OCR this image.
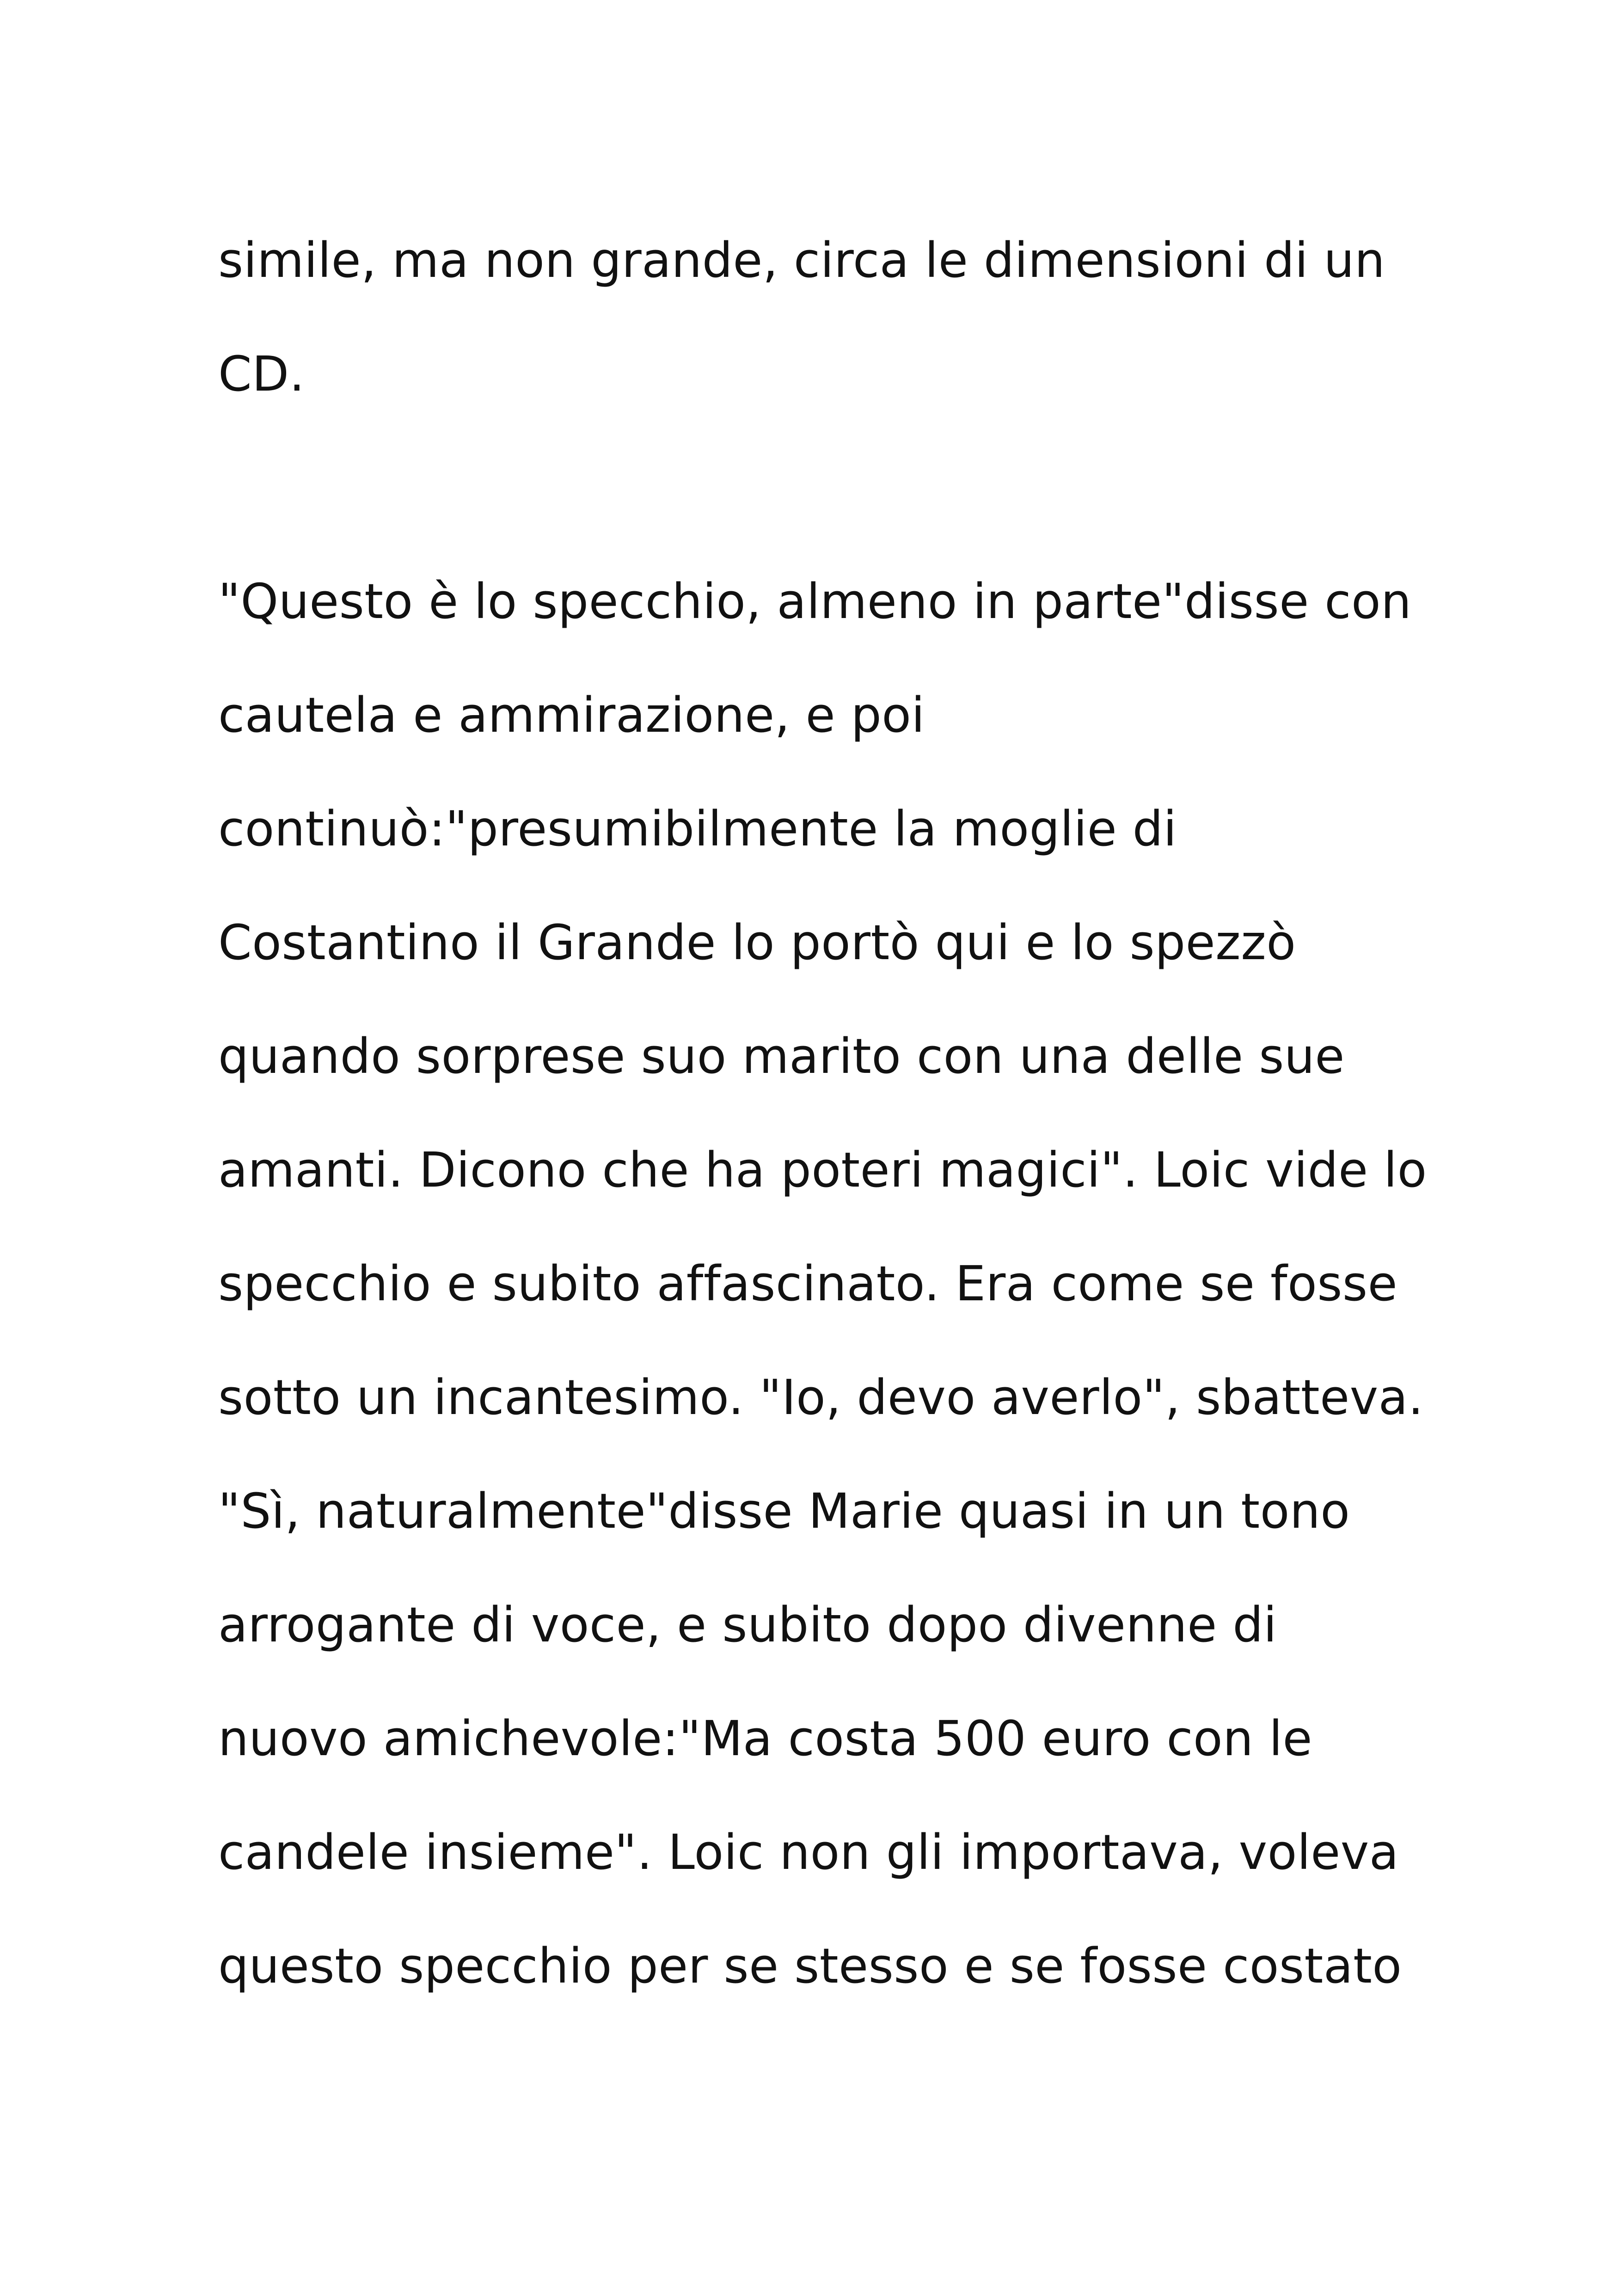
simile, ma non grande, circa le dimensioni di un
CD.
"Questo è lo specchio, almeno in parte"disse con
cautela e ammirazione, e poi
continuò:"presumibilmente la moglie di
Costantino il Grande lo portò qui e lo spezzò
quando sorprese suo marito con una delle sue
amanti. Dicono che ha poteri magici". Loic vide lo
specchio e subito affascinato. Era come se fosse
sotto un incantesimo. "Io, devo averlo", sbatteva.
"Sì, naturalmente"disse Marie quasi in un tono
arrogante di voce, e subito dopo divenne di
nuovo amichevole:"Ma costa 500 euro con le
candele insieme". Loic non gli importava, voleva
questo specchio per se stesso e se fosse costato
